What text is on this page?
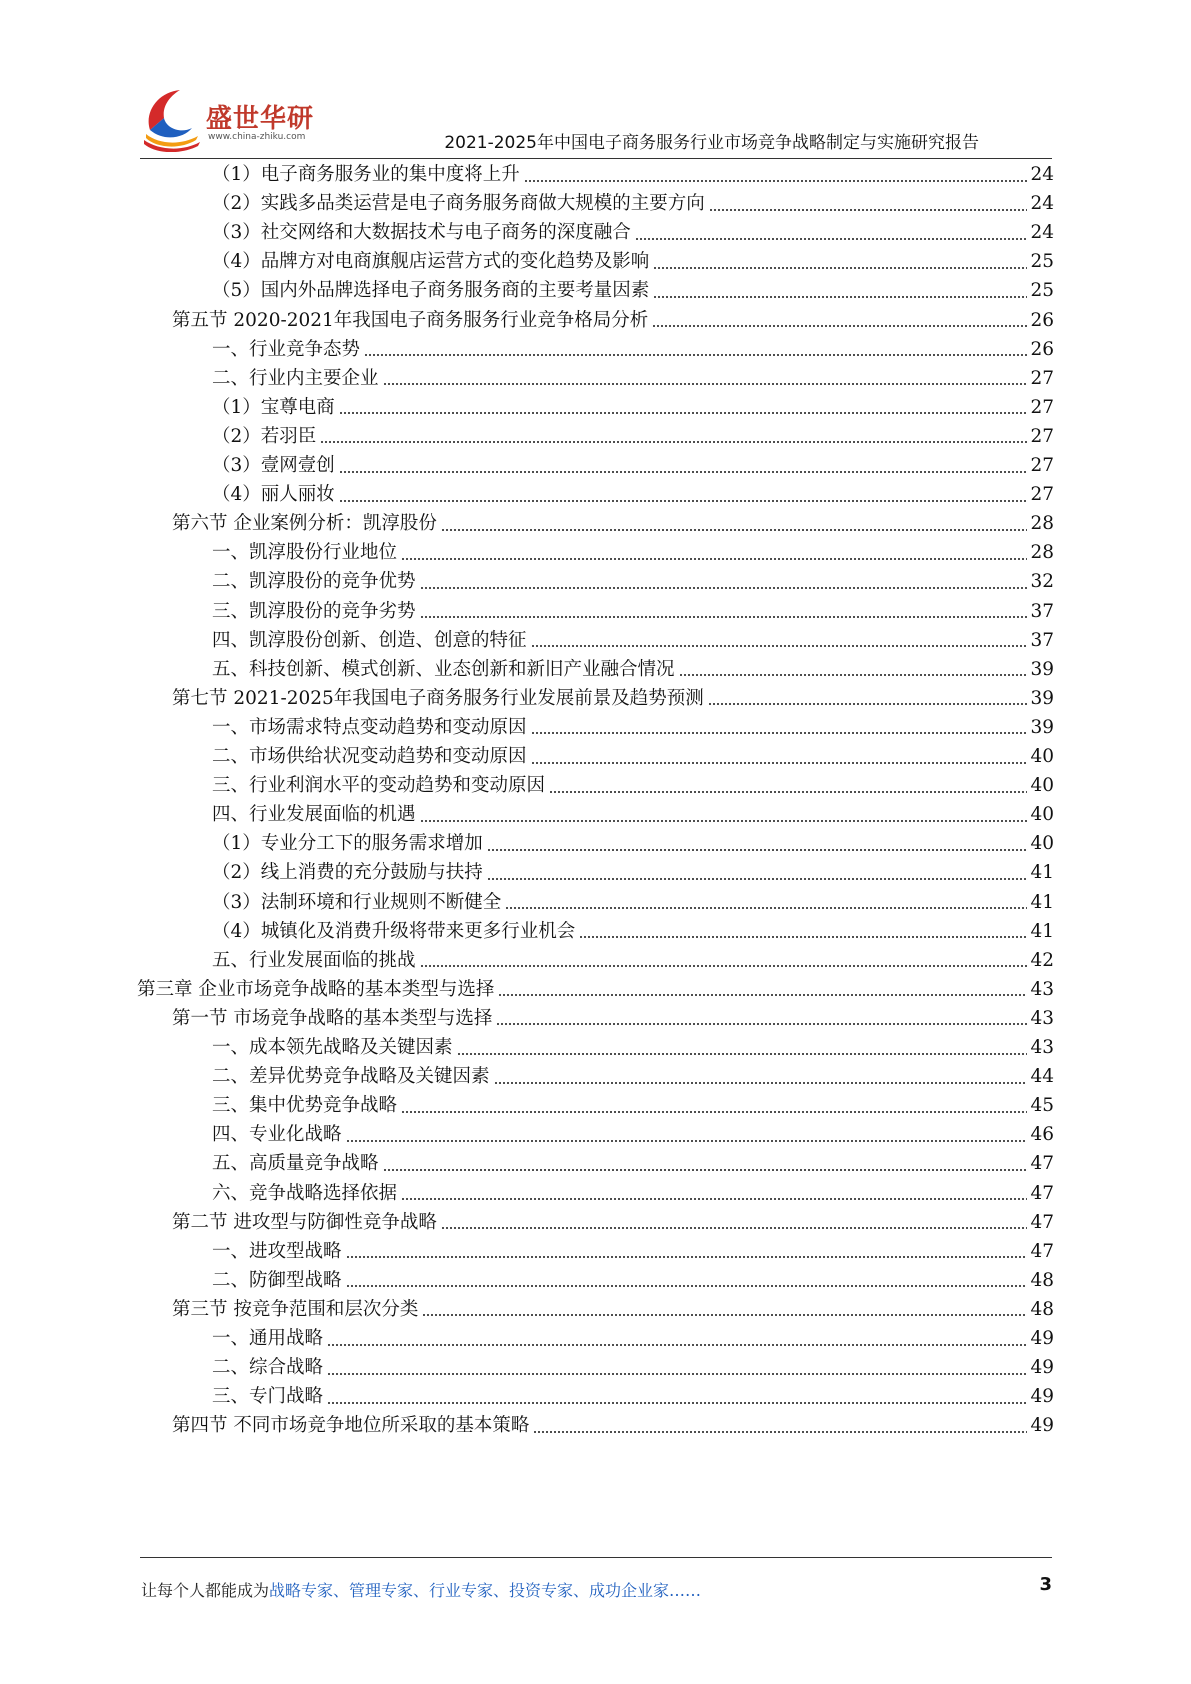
盛世华研
www.china-zhiku.com	2021-2025年中国电子商务服务行业市场竞争战略制定与实施研究报告
（1）电子商务服务业的集中度将上升	24
（2）实践多品类运营是电子商务服务商做大规模的主要方向	24
（3）社交网络和大数据技术与电子商务的深度融合	24
（4）品牌方对电商旗舰店运营方式的变化趋势及影响	25
（5）国内外品牌选择电子商务服务商的主要考量因素	25
第五节 2020-2021年我国电子商务服务行业竞争格局分析	26
一、行业竞争态势	26
二、行业内主要企业	27
（1）宝尊电商	27
（2）若羽臣	27
（3）壹网壹创	27
（4）丽人丽妆	27
第六节 企业案例分析：凯淳股份	28
一、凯淳股份行业地位	28
二、凯淳股份的竞争优势	32
三、凯淳股份的竞争劣势	37
四、凯淳股份创新、创造、创意的特征	37
五、科技创新、模式创新、业态创新和新旧产业融合情况	39
第七节 2021-2025年我国电子商务服务行业发展前景及趋势预测	39
一、市场需求特点变动趋势和变动原因	39
二、市场供给状况变动趋势和变动原因	40
三、行业利润水平的变动趋势和变动原因	40
四、行业发展面临的机遇	40
（1）专业分工下的服务需求增加	40
（2）线上消费的充分鼓励与扶持	41
（3）法制环境和行业规则不断健全	41
（4）城镇化及消费升级将带来更多行业机会	41
五、行业发展面临的挑战	42
第三章 企业市场竞争战略的基本类型与选择	43
第一节 市场竞争战略的基本类型与选择	43
一、成本领先战略及关键因素	43
二、差异优势竞争战略及关键因素	44
三、集中优势竞争战略	45
四、专业化战略	46
五、高质量竞争战略	47
六、竞争战略选择依据	47
第二节 进攻型与防御性竞争战略	47
一、进攻型战略	47
二、防御型战略	48
第三节 按竞争范围和层次分类	48
一、通用战略	49
二、综合战略	49
三、专门战略	49
第四节 不同市场竞争地位所采取的基本策略	49
让每个人都能成为战略专家、管理专家、行业专家、投资专家、成功企业家……	3
